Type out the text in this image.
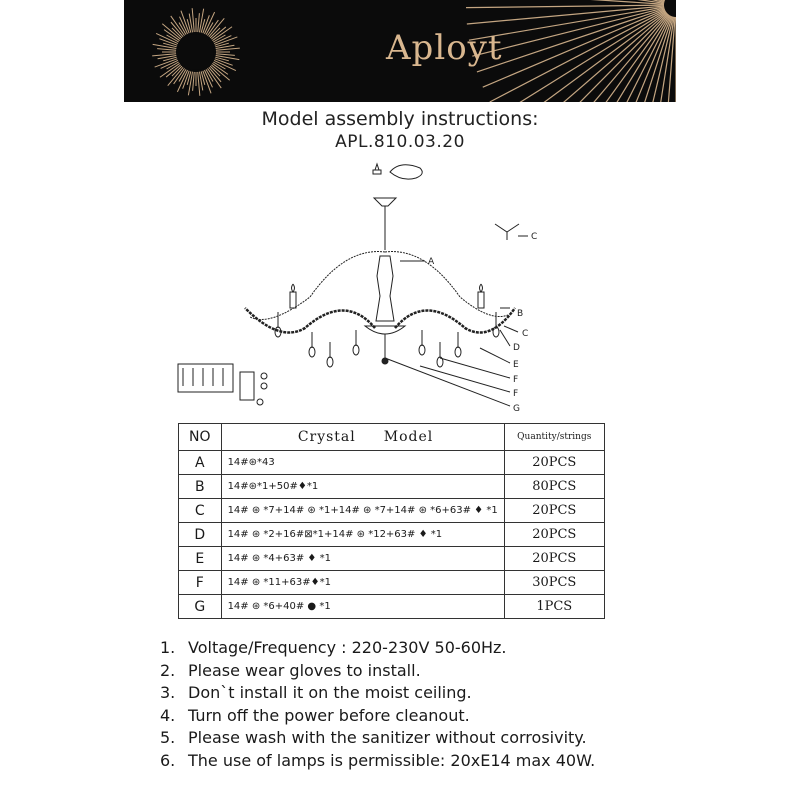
Aployt
Model assembly instructions:
APL.810.03.20
A
B
C
C
D
E
F
F
G
NO	Crystal Model	Quantity/strings
A	14#⊛*43	20PCS
B	14#⊛*1+50#♦*1	80PCS
C	14# ⊛ *7+14# ⊛ *1+14# ⊛ *7+14# ⊛ *6+63# ♦ *1	20PCS
D	14# ⊛ *2+16#⊠*1+14# ⊛ *12+63# ♦ *1	20PCS
E	14# ⊛ *4+63# ♦ *1	20PCS
F	14# ⊛ *11+63#♦*1	30PCS
G	14# ⊛ *6+40# ● *1	1PCS
1. Voltage/Frequency : 220-230V 50-60Hz.
2. Please wear gloves to install.
3. Don`t install it on the moist ceiling.
4. Turn off the power before cleanout.
5. Please wash with the sanitizer without corrosivity.
6. The use of lamps is permissible: 20xE14 max 40W.
